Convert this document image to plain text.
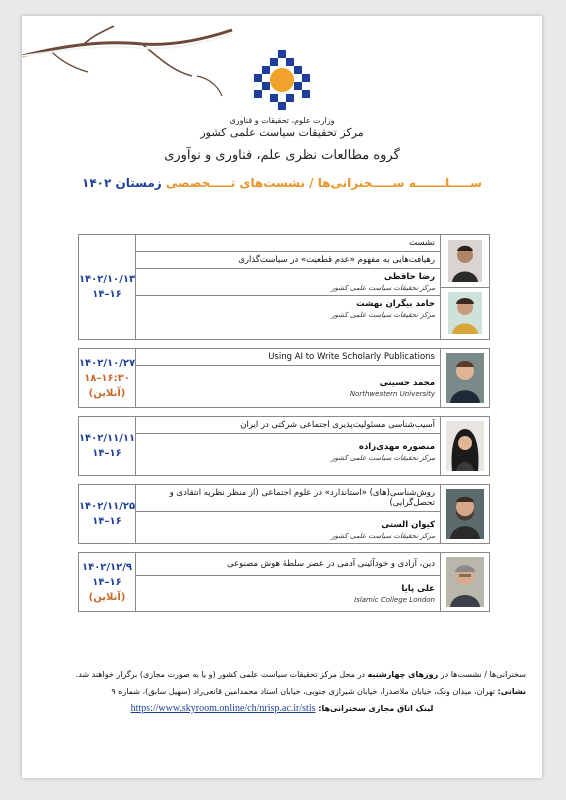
وزارت علوم، تحقیقات و فناوری
مرکز تحقیقات سیاست علمی کشور
گروه مطالعات نظری علم، فناوری و نوآوری
ســـــلـــــــه ســـــخنرانی‌ها / نشست‌های تـــــخصصی زمستان ۱۴۰۲
۱۴۰۲/۱۰/۱۳
۱۴–۱۶
نشست
رهیافت‌هایی به مفهوم «عدم قطعیت» در سیاست‌گذاری
رضا حافظی
مرکز تحقیقات سیاست علمی کشور
حامد بیگران بهشت
مرکز تحقیقات سیاست علمی کشور
۱۴۰۲/۱۰/۲۷
۱۸–۱۶:۳۰
(آنلاین)
Using AI to Write Scholarly Publications
محمد حسینی
Northwestern University
۱۴۰۲/۱۱/۱۱
۱۴–۱۶
آسیب‌شناسی مسئولیت‌پذیری اجتماعی شرکتی در ایران
منصوره مهدی‌زاده
مرکز تحقیقات سیاست علمی کشور
۱۴۰۲/۱۱/۲۵
۱۴–۱۶
روش‌شناسی(های) «استاندارد» در علوم اجتماعی (از منظر نظریه انتقادی و تحصل‌گرایی)
کیوان الستی
مرکز تحقیقات سیاست علمی کشور
۱۴۰۲/۱۲/۹
۱۴–۱۶
(آنلاین)
دین، آزادی و خودآئینی آدمی در عصر سلطهٔ هوش مصنوعی
علی پایا
Islamic College London
سخنرانی‌ها / نشست‌ها در روزهای چهارشنبه در محل مرکز تحقیقات سیاست علمی کشور (و یا به صورت مجازی) برگزار خواهند شد.
نشانی: تهران، میدان ونک، خیابان ملاصدرا، خیابان شیرازی جنوبی، خیابان استاد محمدامین قانعی‌راد (سهیل سابق)، شماره ۹
لینک اتاق مجازی سخنرانی‌ها: https://www.skyroom.online/ch/nrisp.ac.ir/stis
